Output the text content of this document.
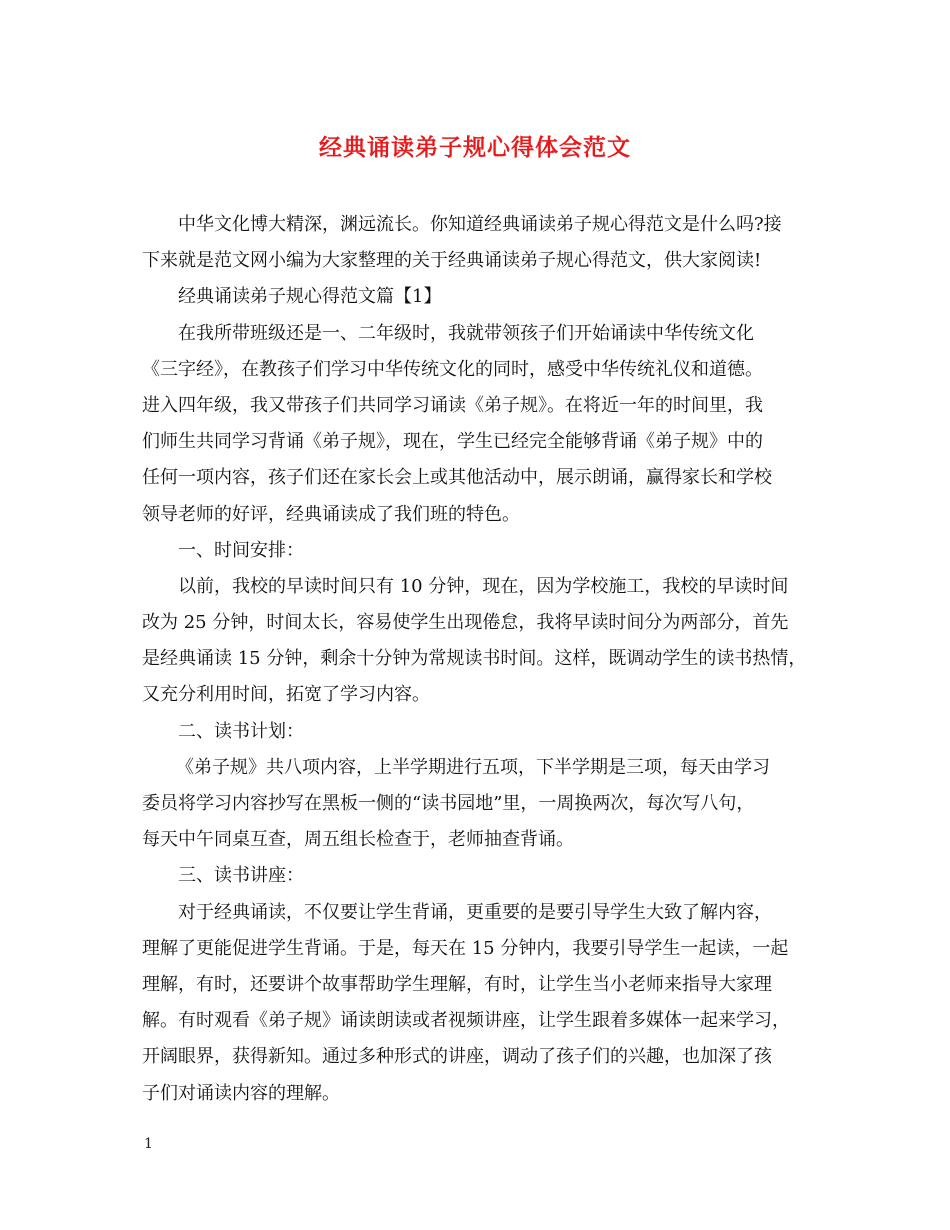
经典诵读弟子规心得体会范文
中华文化博大精深，渊远流长。你知道经典诵读弟子规心得范文是什么吗?接
下来就是范文网小编为大家整理的关于经典诵读弟子规心得范文，供大家阅读!
经典诵读弟子规心得范文篇【1】
在我所带班级还是一、二年级时，我就带领孩子们开始诵读中华传统文化
《三字经》，在教孩子们学习中华传统文化的同时，感受中华传统礼仪和道德。
进入四年级，我又带孩子们共同学习诵读《弟子规》。在将近一年的时间里，我
们师生共同学习背诵《弟子规》，现在，学生已经完全能够背诵《弟子规》中的
任何一项内容，孩子们还在家长会上或其他活动中，展示朗诵，赢得家长和学校
领导老师的好评，经典诵读成了我们班的特色。
一、时间安排：
以前，我校的早读时间只有 10 分钟，现在，因为学校施工，我校的早读时间
改为 25 分钟，时间太长，容易使学生出现倦怠，我将早读时间分为两部分，首先
是经典诵读 15 分钟，剩余十分钟为常规读书时间。这样，既调动学生的读书热情，
又充分利用时间，拓宽了学习内容。
二、读书计划：
《弟子规》共八项内容，上半学期进行五项，下半学期是三项，每天由学习
委员将学习内容抄写在黑板一侧的“读书园地”里，一周换两次，每次写八句，
每天中午同桌互查，周五组长检查于，老师抽查背诵。
三、读书讲座：
对于经典诵读，不仅要让学生背诵，更重要的是要引导学生大致了解内容，
理解了更能促进学生背诵。于是，每天在 15 分钟内，我要引导学生一起读，一起
理解，有时，还要讲个故事帮助学生理解，有时，让学生当小老师来指导大家理
解。有时观看《弟子规》诵读朗读或者视频讲座，让学生跟着多媒体一起来学习，
开阔眼界，获得新知。通过多种形式的讲座，调动了孩子们的兴趣，也加深了孩
子们对诵读内容的理解。
1
